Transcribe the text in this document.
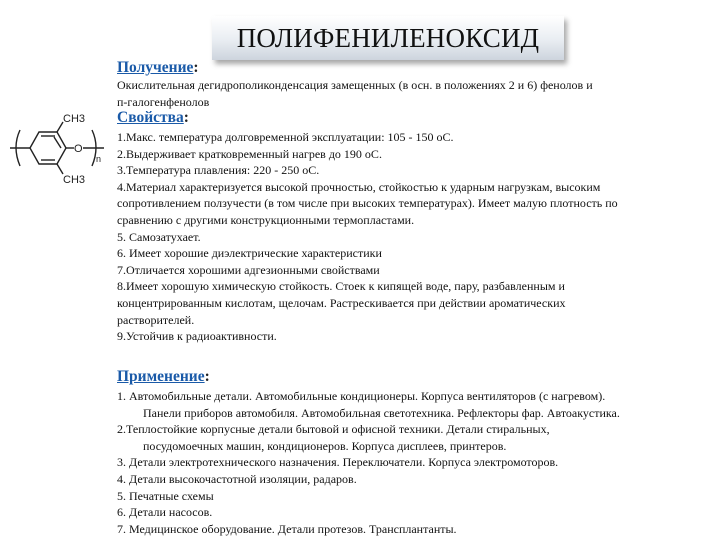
ПОЛИФЕНИЛЕНОКСИД
Получение:
Окислительная дегидрополиконденсация замещенных (в осн. в положениях 2 и 6) фенолов и
п-галогенфенолов
CH3
CH3
O
n
Свойства:
1.Макс. температура долговременной эксплуатации: 105 - 150 оС.
2.Выдерживает кратковременный нагрев до 190 оС.
3.Температура плавления: 220 - 250 оС.
4.Материал характеризуется высокой прочностью, стойкостью к ударным нагрузкам, высоким
сопротивлением ползучести (в том числе при высоких температурах). Имеет малую плотность по
сравнению с другими конструкционными термопластами.
5. Самозатухает.
6. Имеет хорошие диэлектрические характеристики
7.Отличается хорошими адгезионными свойствами
8.Имеет хорошую химическую стойкость. Стоек к кипящей воде, пару, разбавленным и
концентрированным кислотам, щелочам. Растрескивается при действии ароматических
растворителей.
9.Устойчив к радиоактивности.
Применение:
1. Автомобильные детали. Автомобильные кондиционеры. Корпуса вентиляторов (с нагревом).
Панели приборов автомобиля. Автомобильная светотехника. Рефлекторы фар. Автоакустика.
2.Теплостойкие корпусные детали бытовой и офисной техники. Детали стиральных,
посудомоечных машин, кондиционеров. Корпуса дисплеев, принтеров.
3. Детали электротехнического назначения. Переключатели. Корпуса электромоторов.
4. Детали высокочастотной изоляции, радаров.
5. Печатные схемы
6. Детали насосов.
7. Медицинское оборудование. Детали протезов. Трансплантанты.
